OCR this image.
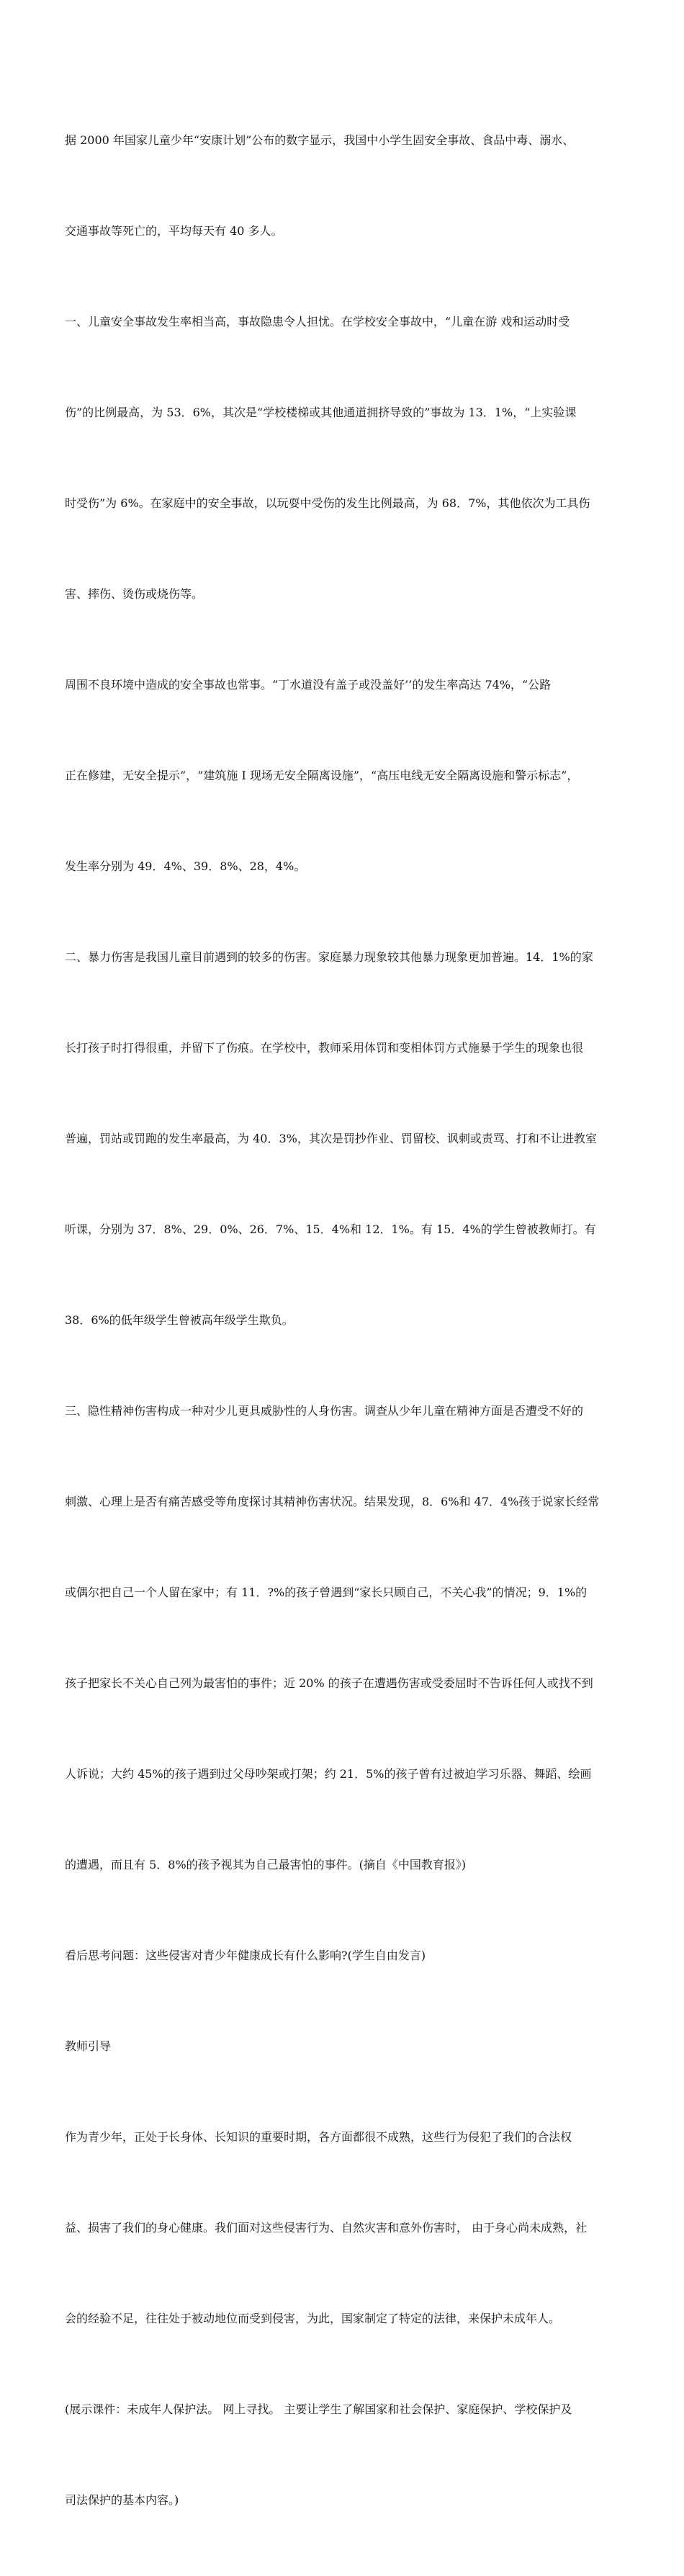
据 2000 年国家儿童少年“安康计划”公布的数字显示，我国中小学生固安全事故、食品中毒、溺水、

交通事故等死亡的，平均每天有 40 多人。

一、儿童安全事故发生率相当高，事故隐患令人担忧。在学校安全事故中，“儿童在游 戏和运动时受

伤”的比例最高，为 53．6%，其次是“学校楼梯或其他通道拥挤导致的”事故为 13．1%，“上实验课

时受伤”为 6%。在家庭中的安全事故，以玩耍中受伤的发生比例最高，为 68．7%，其他依次为工具伤

害、摔伤、烫伤或烧伤等。

周围不良环境中造成的安全事故也常事。“丁水道没有盖子或没盖好’’的发生率高达 74%，“公路

正在修建，无安全提示”，“建筑施 I 现场无安全隔离设施”，“高压电线无安全隔离设施和警示标志”，

发生率分别为 49．4%、39．8%、28，4%。

二、暴力伤害是我国儿童目前遇到的较多的伤害。家庭暴力现象较其他暴力现象更加普遍。14．1%的家

长打孩子时打得很重，并留下了伤痕。在学校中，教师采用体罚和变相体罚方式施暴于学生的现象也很

普遍，罚站或罚跑的发生率最高，为 40．3%，其次是罚抄作业、罚留校、讽刺或责骂、打和不让进教室

听课，分别为 37．8%、29．0%、26．7%、15．4%和 12．1%。有 15．4%的学生曾被教师打。有

38．6%的低年级学生曾被高年级学生欺负。

三、隐性精神伤害构成一种对少儿更具威胁性的人身伤害。调查从少年儿童在精神方面是否遭受不好的

刺激、心理上是否有痛苦感受等角度探讨其精神伤害状况。结果发现，8．6%和 47．4%孩于说家长经常

或偶尔把自己一个人留在家中；有 11．?%的孩子曾遇到“家长只顾自己，不关心我”的情况；9．1%的

孩子把家长不关心自己列为最害怕的事件；近 20% 的孩子在遭遇伤害或受委屈时不告诉任何人或找不到

人诉说；大约 45%的孩子遇到过父母吵架或打架；约 21．5%的孩子曾有过被迫学习乐器、舞蹈、绘画

的遭遇，而且有 5．8%的孩予视其为自己最害怕的事件。(摘自《中国教育报》)

看后思考问题：这些侵害对青少年健康成长有什么影响?(学生自由发言)

教师引导

作为青少年，正处于长身体、长知识的重要时期，各方面都很不成熟，这些行为侵犯了我们的合法权

益、损害了我们的身心健康。我们面对这些侵害行为、自然灾害和意外伤害时， 由于身心尚未成熟，社

会的经验不足，往往处于被动地位而受到侵害，为此，国家制定了特定的法律，来保护未成年人。

(展示课件：未成年人保护法。 网上寻找。 主要让学生了解国家和社会保护、家庭保护、学校保护及

司法保护的基本内容。)
